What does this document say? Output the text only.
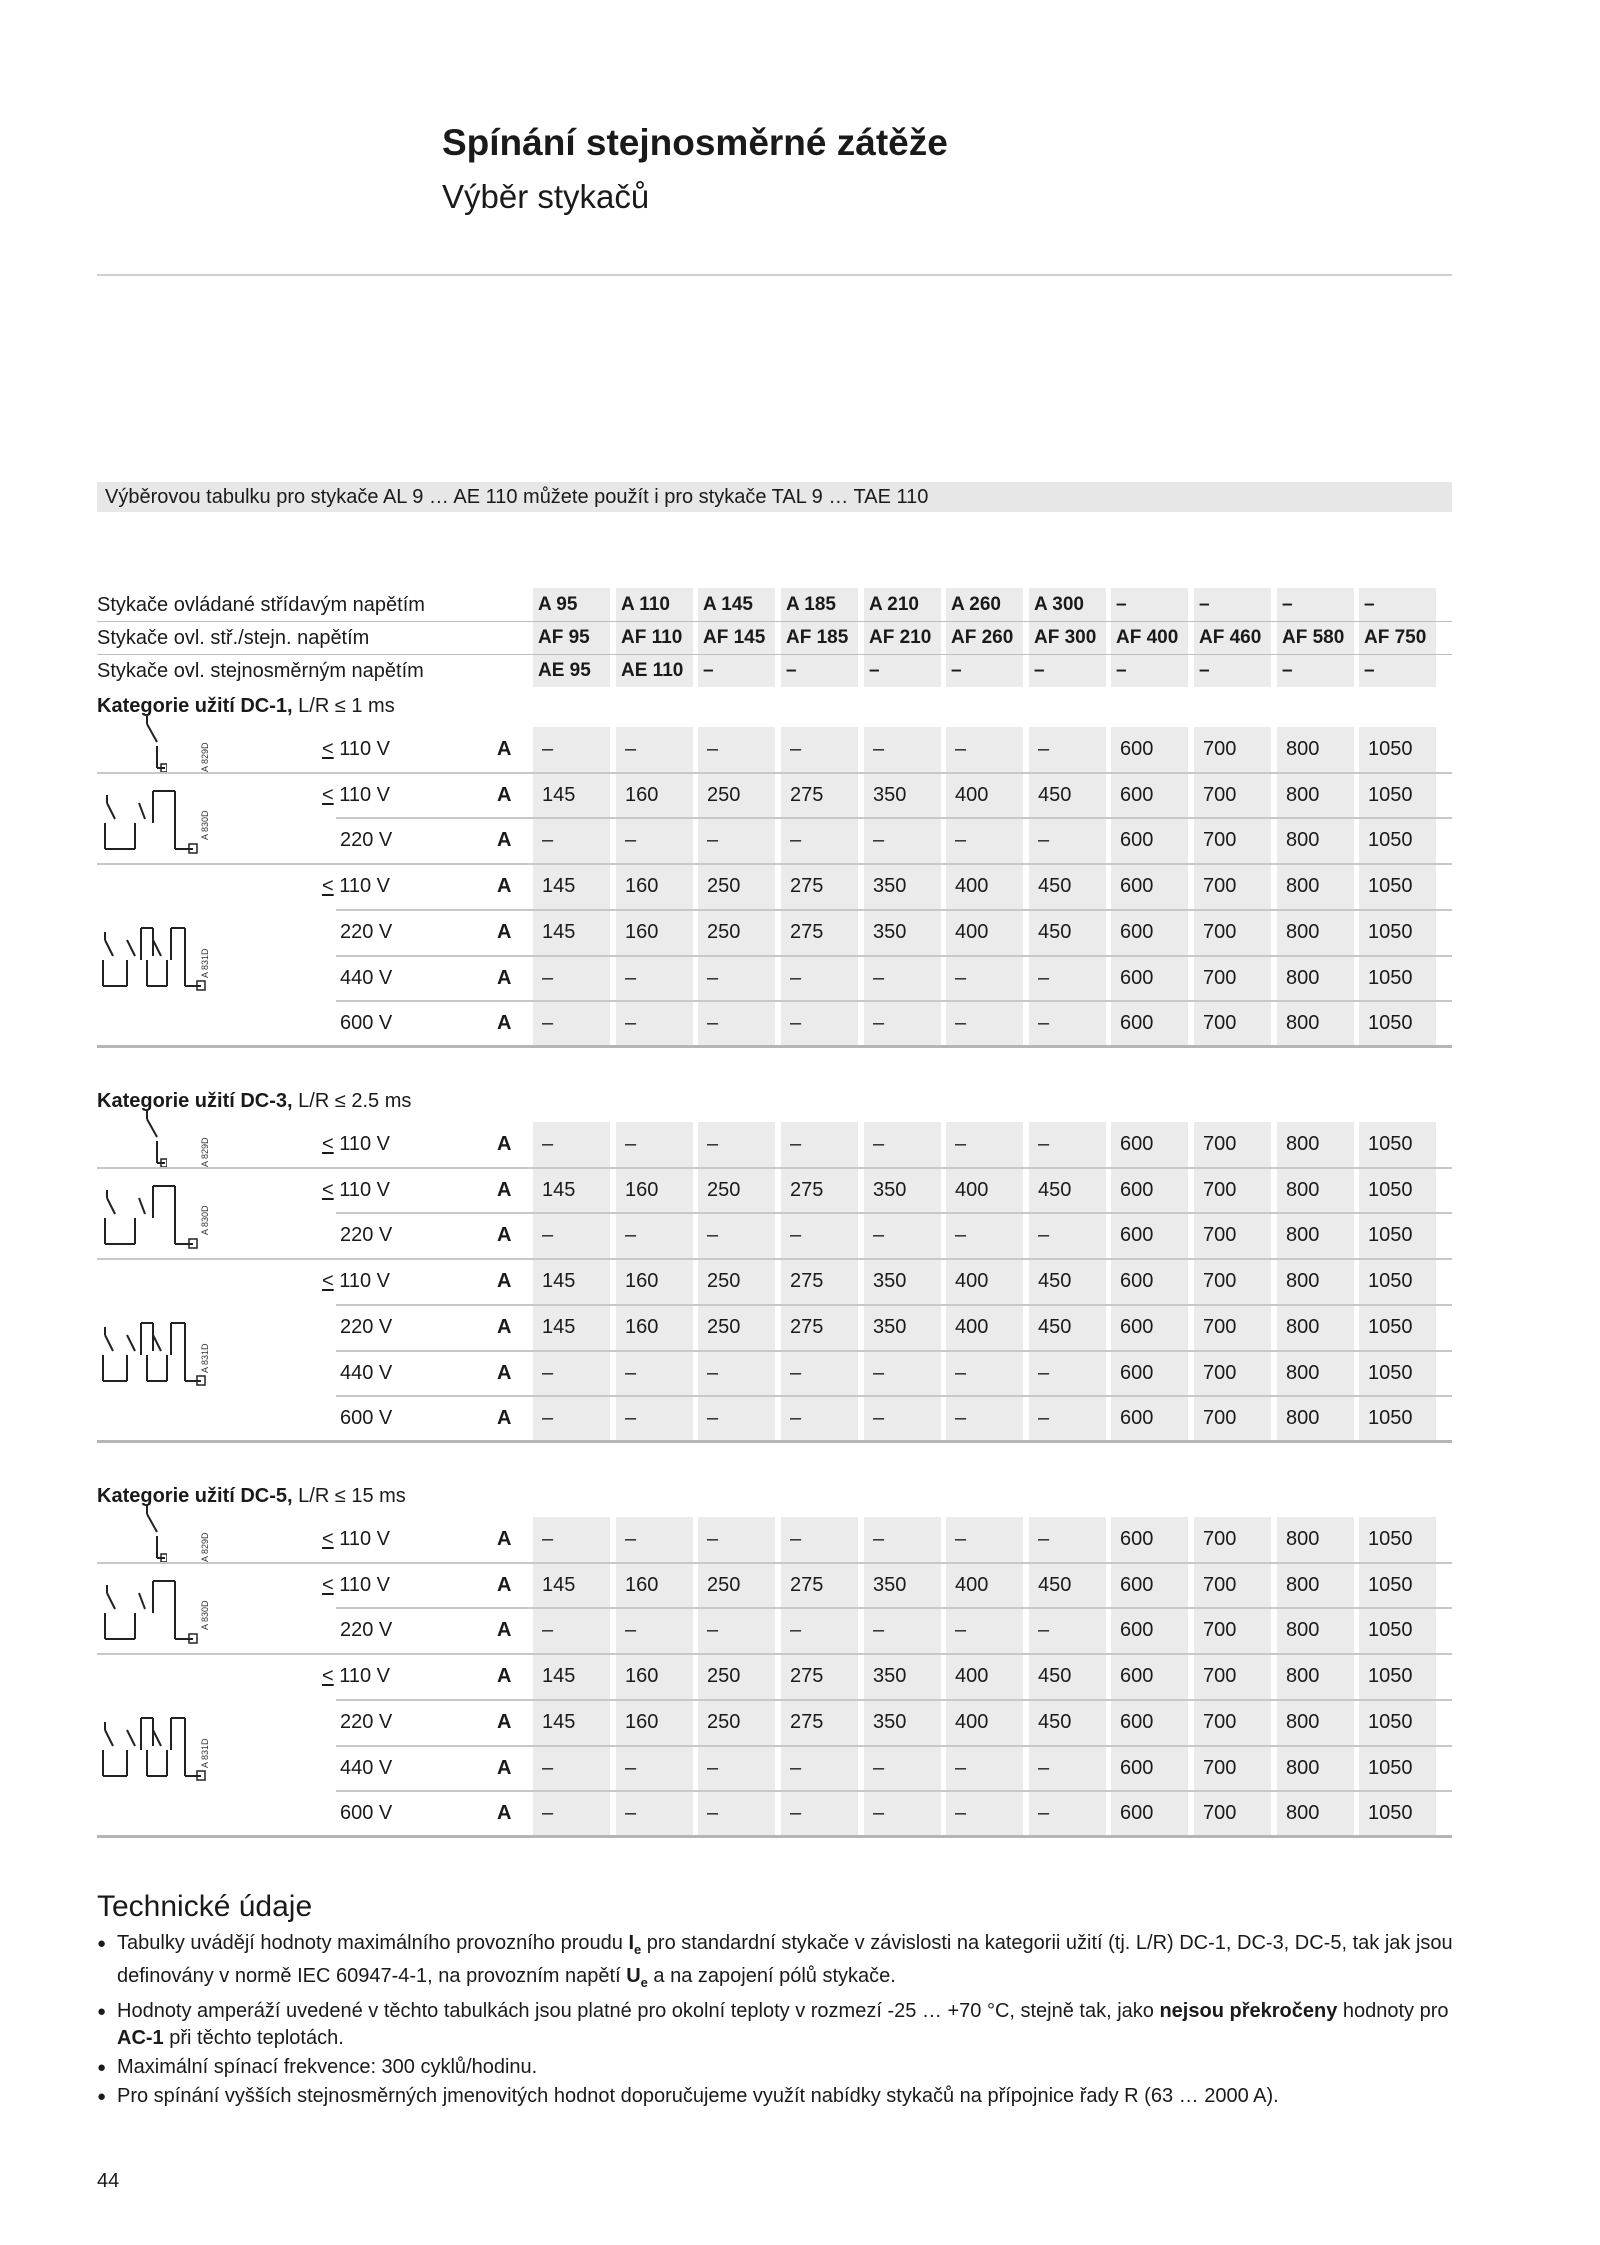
Spínání stejnosměrné zátěže
Výběr stykačů
Výběrovou tabulku pro stykače AL 9 … AE 110 můžete použít i pro stykače TAL 9 … TAE 110
Stykače ovládané střídavým napětím	A 95 A 110 A 145 A 185 A 210 A 260 A 300 –	–	–	–
Stykače ovl. stř./stejn. napětím	AF 95 AF 110 AF 145 AF 185 AF 210 AF 260 AF 300 AF 400 AF 460 AF 580 AF 750
Stykače ovl. stejnosměrným napětím	AE 95 AE 110 –	–	–	–	–	–	–	–	–
Kategorie užití DC-1, L/R ≤ 1 ms
A 829D	≤ 110 V	A –	–	–	–	–	–	–	600 700 800 1050
A 830D
≤ 110 V	A 145 160 250 275 350 400 450 600 700 800 1050
220 V	A –	–	–	–	–	–	–	600 700 800 1050
A 831D
≤ 110 V	A 145 160 250 275 350 400 450 600 700 800 1050
220 V	A 145 160 250 275 350 400 450 600 700 800 1050
440 V	A –	–	–	–	–	–	–	600 700 800 1050
600 V	A –	–	–	–	–	–	–	600 700 800 1050
Kategorie užití DC-3, L/R ≤ 2.5 ms
A 829D	≤ 110 V	A –	–	–	–	–	–	–	600 700 800 1050
A 830D
≤ 110 V	A 145 160 250 275 350 400 450 600 700 800 1050
220 V	A –	–	–	–	–	–	–	600 700 800 1050
A 831D
≤ 110 V	A 145 160 250 275 350 400 450 600 700 800 1050
220 V	A 145 160 250 275 350 400 450 600 700 800 1050
440 V	A –	–	–	–	–	–	–	600 700 800 1050
600 V	A –	–	–	–	–	–	–	600 700 800 1050
Kategorie užití DC-5, L/R ≤ 15 ms
A 829D	≤ 110 V	A –	–	–	–	–	–	–	600 700 800 1050
A 830D
≤ 110 V	A 145 160 250 275 350 400 450 600 700 800 1050
220 V	A –	–	–	–	–	–	–	600 700 800 1050
A 831D
≤ 110 V	A 145 160 250 275 350 400 450 600 700 800 1050
220 V	A 145 160 250 275 350 400 450 600 700 800 1050
440 V	A –	–	–	–	–	–	–	600 700 800 1050
600 V	A –	–	–	–	–	–	–	600 700 800 1050
Technické údaje
● Tabulky uvádějí hodnoty maximálního provozního proudu $I_e$ pro standardní stykače v závislosti na kategorii užití (tj. L/R) DC-1, DC-3, DC-5, tak jak jsou definovány v normě IEC 60947-4-1, na provozním napětí $U_e$ a na zapojení pólů stykače.
● Hodnoty amperáží uvedené v těchto tabulkách jsou platné pro okolní teploty v rozmezí -25 … +70 °C, stejně tak, jako nejsou překročeny hodnoty pro AC-1 při těchto teplotách.
● Maximální spínací frekvence: 300 cyklů/hodinu.
● Pro spínání vyšších stejnosměrných jmenovitých hodnot doporučujeme využít nabídky stykačů na přípojnice řady R (63 … 2000 A).
44
